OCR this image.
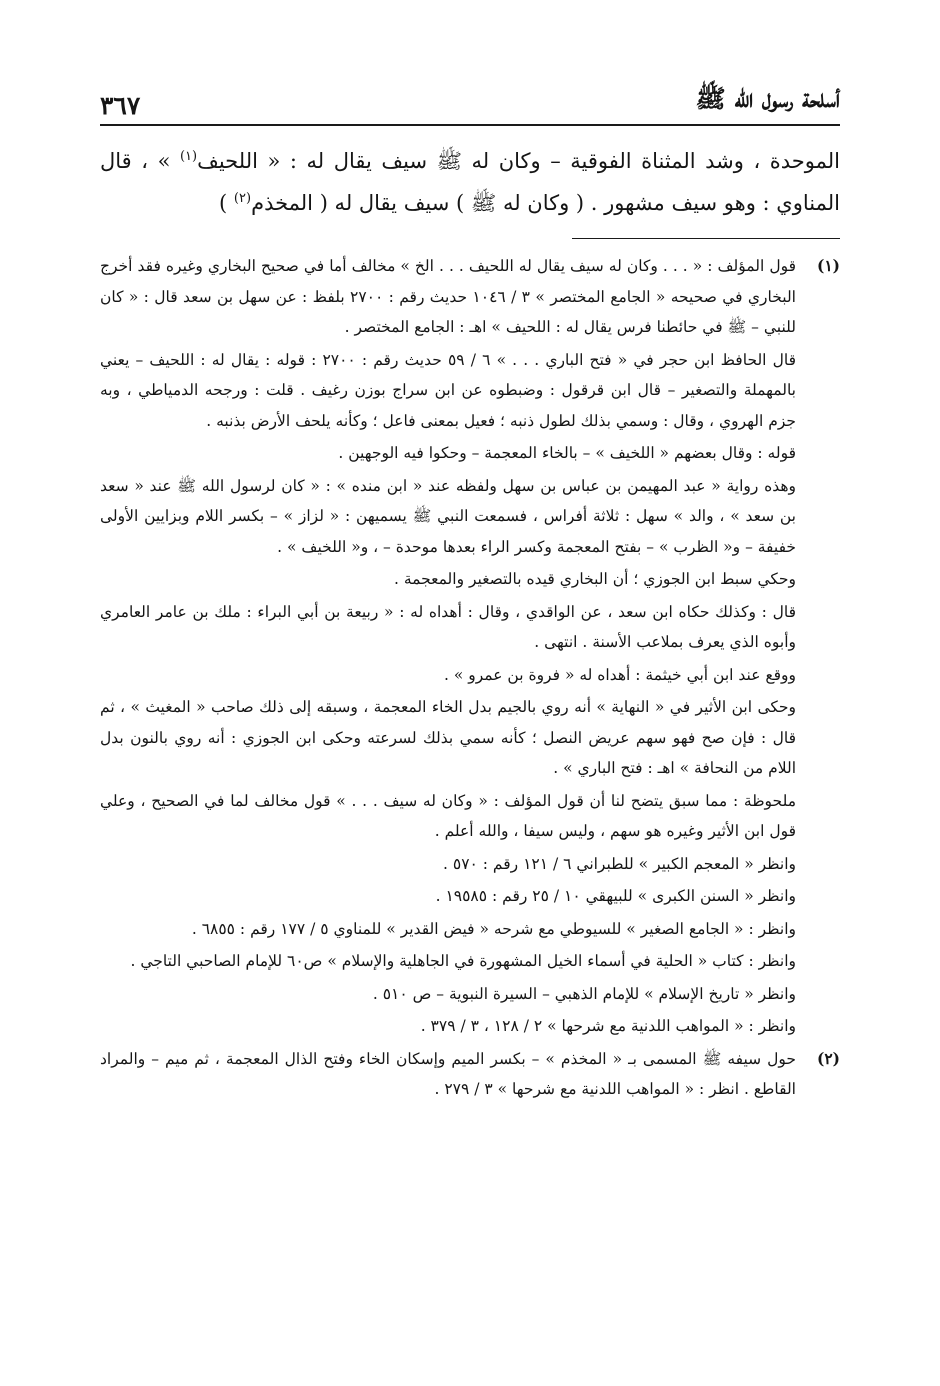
أسلحة رسول الله ﷺ
٣٦٧
الموحدة ، وشد المثناة الفوقية – وكان له ﷺ سيف يقال له : « اللحيف$^{(١)}$ » ، قال المناوي : وهو سيف مشهور . ( وكان له ﷺ ) سيف يقال له ( المخذم$^{(٢)}$ )
(١)

قول المؤلف : « . . . وكان له سيف يقال له اللحيف . . . الخ » مخالف أما في صحيح البخاري وغيره فقد أخرج البخاري في صحيحه « الجامع المختصر » ٣ / ١٠٤٦ حديث رقم : ٢٧٠٠ بلفظ : عن سهل بن سعد قال : « كان للنبي – ﷺ في حائطنا فرس يقال له : اللحيف » اهـ : الجامع المختصر .

قال الحافظ ابن حجر في « فتح الباري . . . » ٦ / ٥٩ حديث رقم : ٢٧٠٠ : قوله : يقال له : اللحيف – يعني بالمهملة والتصغير – قال ابن قرقول : وضبطوه عن ابن سراج بوزن رغيف . قلت : ورجحه الدمياطي ، وبه جزم الهروي ، وقال : وسمي بذلك لطول ذنبه ؛ فعيل بمعنى فاعل ؛ وكأنه يلحف الأرض بذنبه .

قوله : وقال بعضهم « اللخيف » – بالخاء المعجمة – وحكوا فيه الوجهين .

وهذه رواية « عبد المهيمن بن عباس بن سهل ولفظه عند « ابن منده » : « كان لرسول الله ﷺ عند « سعد بن سعد » ، والد » سهل : ثلاثة أفراس ، فسمعت النبي ﷺ يسميهن : « لزاز » – بكسر اللام وبزايين الأولى خفيفة – و« الظرب » – بفتح المعجمة وكسر الراء بعدها موحدة – ، و« اللخيف » .

وحكي سبط ابن الجوزي ؛ أن البخاري قيده بالتصغير والمعجمة .

قال : وكذلك حكاه ابن سعد ، عن الواقدي ، وقال : أهداه له : « ربيعة بن أبي البراء : ملك بن عامر العامري وأبوه الذي يعرف بملاعب الأسنة . انتهى .

ووقع عند ابن أبي خيثمة : أهداه له « فروة بن عمرو » .

وحكى ابن الأثير في « النهاية » أنه روي بالجيم بدل الخاء المعجمة ، وسبقه إلى ذلك صاحب « المغيث » ، ثم قال : فإن صح فهو سهم عريض النصل ؛ كأنه سمي بذلك لسرعته وحكى ابن الجوزي : أنه روي بالنون بدل اللام من النحافة » اهـ : فتح الباري » .

ملحوظة : مما سبق يتضح لنا أن قول المؤلف : « وكان له سيف . . . » قول مخالف لما في الصحيح ، وعلي قول ابن الأثير وغيره هو سهم ، وليس سيفا ، والله أعلم .

وانظر « المعجم الكبير » للطبراني ٦ / ١٢١ رقم : ٥٧٠ .

وانظر « السنن الكبرى » للبيهقي ١٠ / ٢٥ رقم : ١٩٥٨٥ .

وانظر : « الجامع الصغير » للسيوطي مع شرحه « فيض القدير » للمناوي ٥ / ١٧٧ رقم : ٦٨٥٥ .

وانظر : كتاب « الحلية في أسماء الخيل المشهورة في الجاهلية والإسلام » ص٦٠ للإمام الصاحبي التاجي .

وانظر « تاريخ الإسلام » للإمام الذهبي – السيرة النبوية – ص ٥١٠ .

وانظر : « المواهب اللدنية مع شرحها » ٢ / ١٢٨ ، ٣ / ٣٧٩ .

(٢)

حول سيفه ﷺ المسمى بـ « المخذم » – بكسر الميم وإسكان الخاء وفتح الذال المعجمة ، ثم ميم – والمراد القاطع . انظر : « المواهب اللدنية مع شرحها » ٣ / ٢٧٩ .
